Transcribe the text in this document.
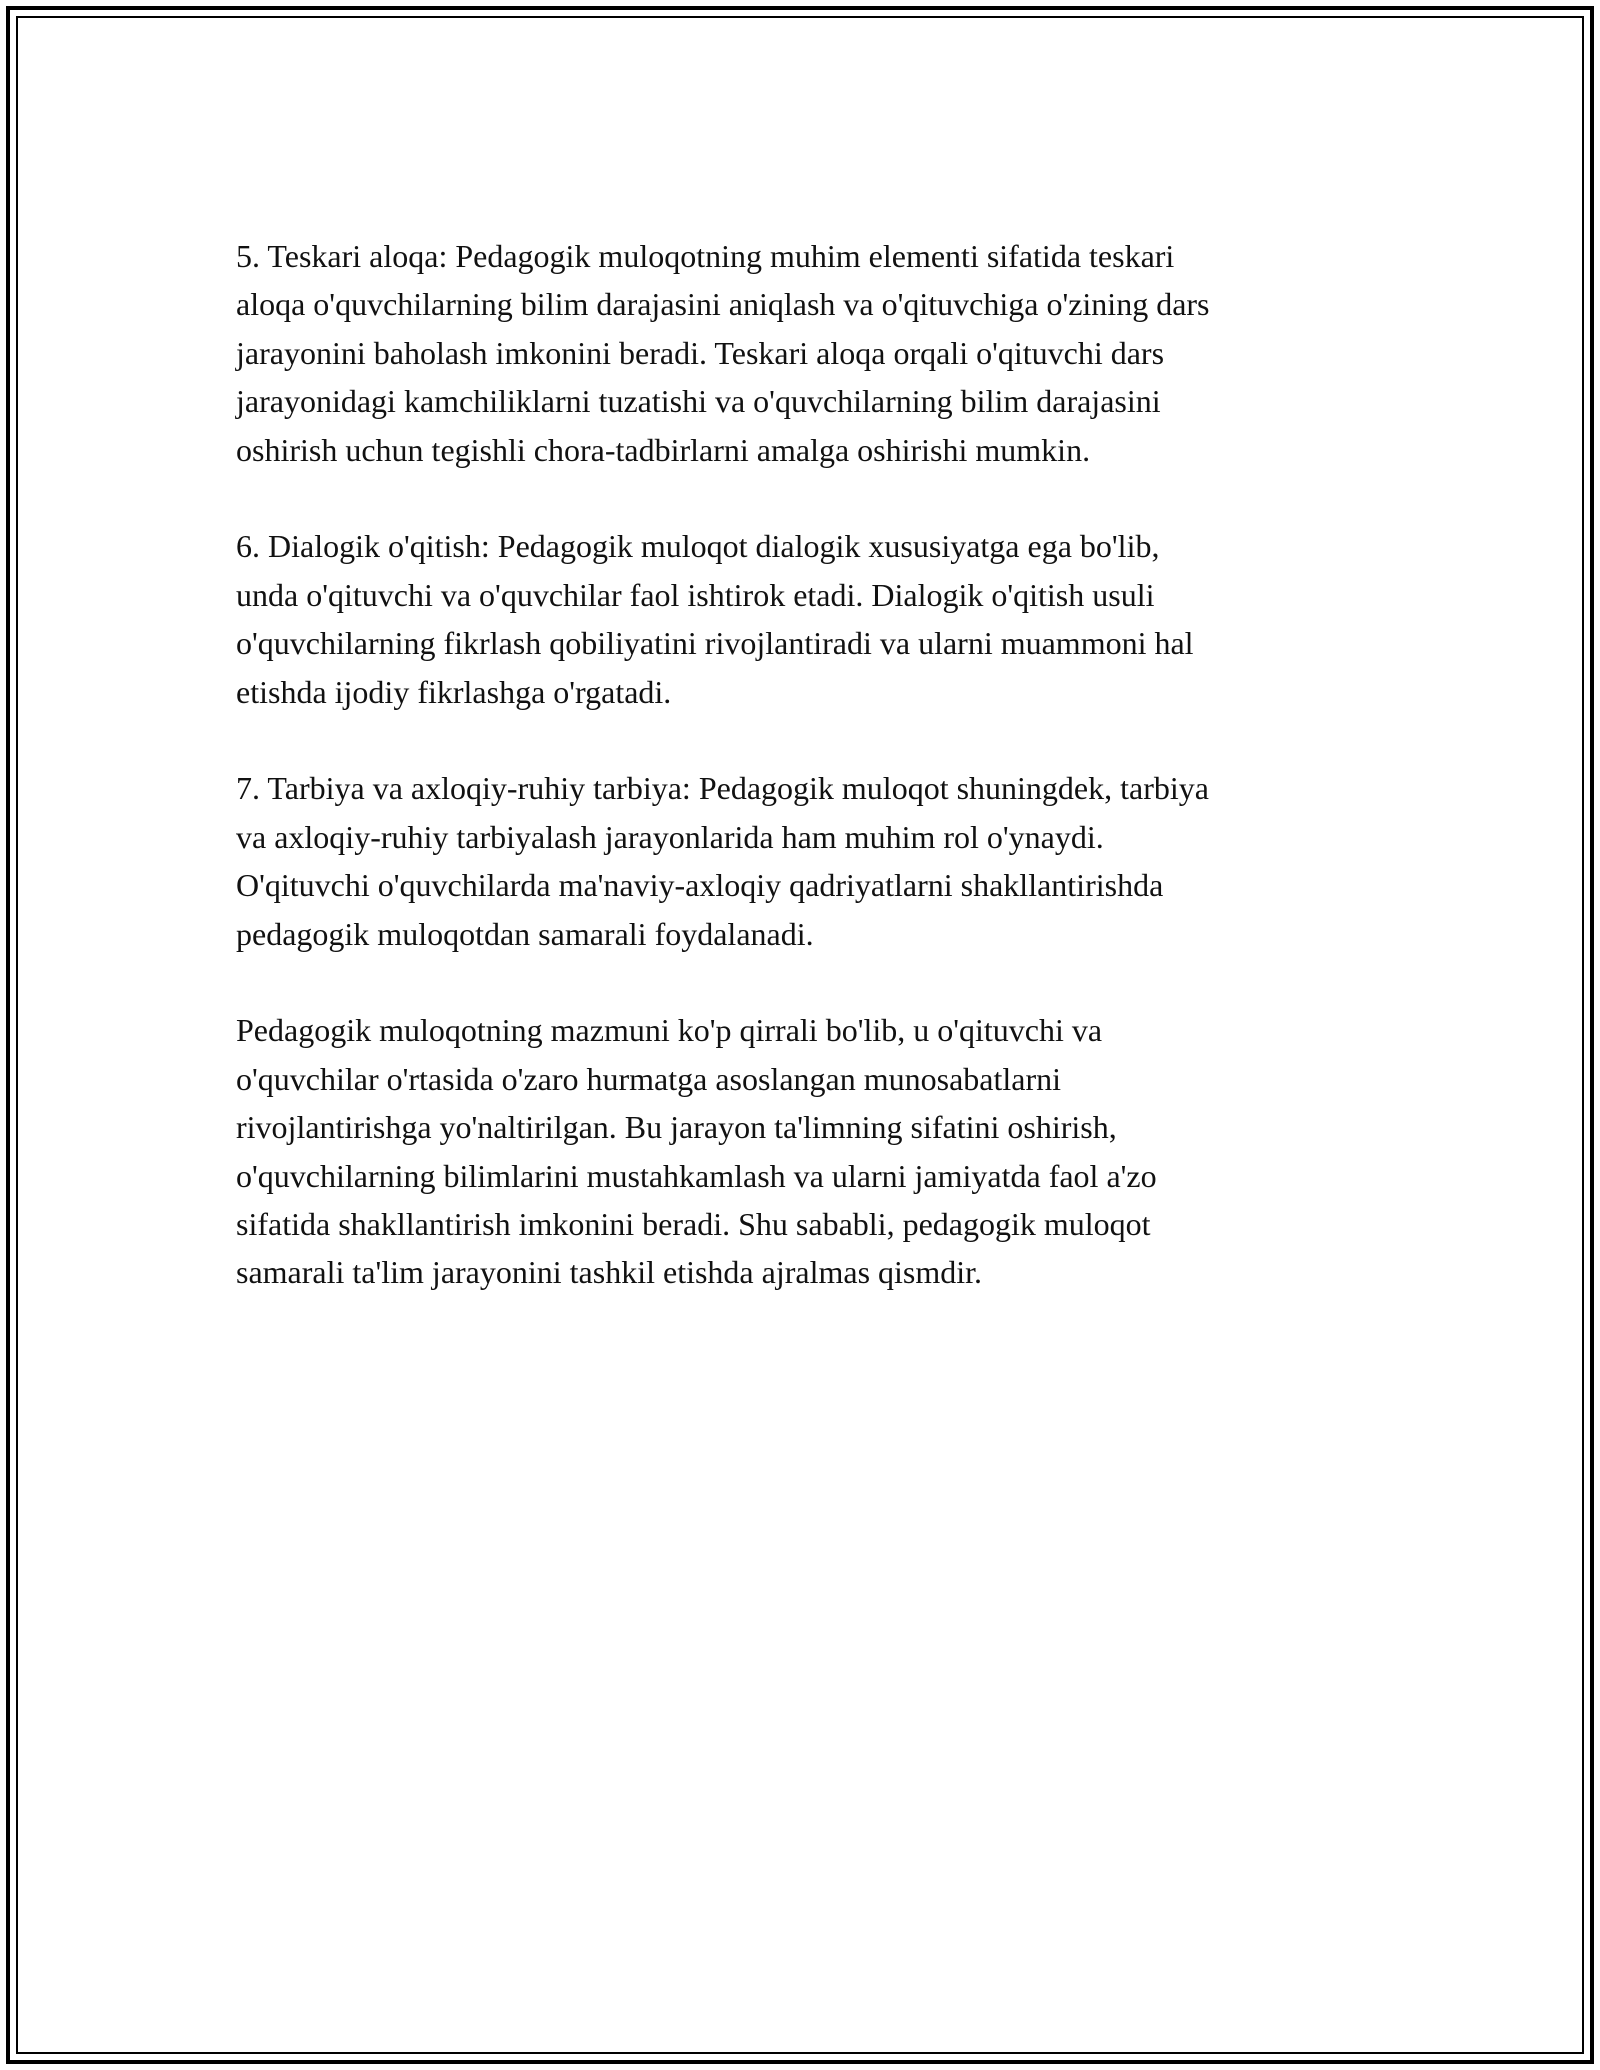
5. Teskari aloqa: Pedagogik muloqotning muhim elementi sifatida teskari
aloqa o'quvchilarning bilim darajasini aniqlash va o'qituvchiga o'zining dars
jarayonini baholash imkonini beradi. Teskari aloqa orqali o'qituvchi dars
jarayonidagi kamchiliklarni tuzatishi va o'quvchilarning bilim darajasini
oshirish uchun tegishli chora-tadbirlarni amalga oshirishi mumkin.

6. Dialogik o'qitish: Pedagogik muloqot dialogik xususiyatga ega bo'lib,
unda o'qituvchi va o'quvchilar faol ishtirok etadi. Dialogik o'qitish usuli
o'quvchilarning fikrlash qobiliyatini rivojlantiradi va ularni muammoni hal
etishda ijodiy fikrlashga o'rgatadi.

7. Tarbiya va axloqiy-ruhiy tarbiya: Pedagogik muloqot shuningdek, tarbiya
va axloqiy-ruhiy tarbiyalash jarayonlarida ham muhim rol o'ynaydi.
O'qituvchi o'quvchilarda ma'naviy-axloqiy qadriyatlarni shakllantirishda
pedagogik muloqotdan samarali foydalanadi.

Pedagogik muloqotning mazmuni ko'p qirrali bo'lib, u o'qituvchi va
o'quvchilar o'rtasida o'zaro hurmatga asoslangan munosabatlarni
rivojlantirishga yo'naltirilgan. Bu jarayon ta'limning sifatini oshirish,
o'quvchilarning bilimlarini mustahkamlash va ularni jamiyatda faol a'zo
sifatida shakllantirish imkonini beradi. Shu sababli, pedagogik muloqot
samarali ta'lim jarayonini tashkil etishda ajralmas qismdir.
